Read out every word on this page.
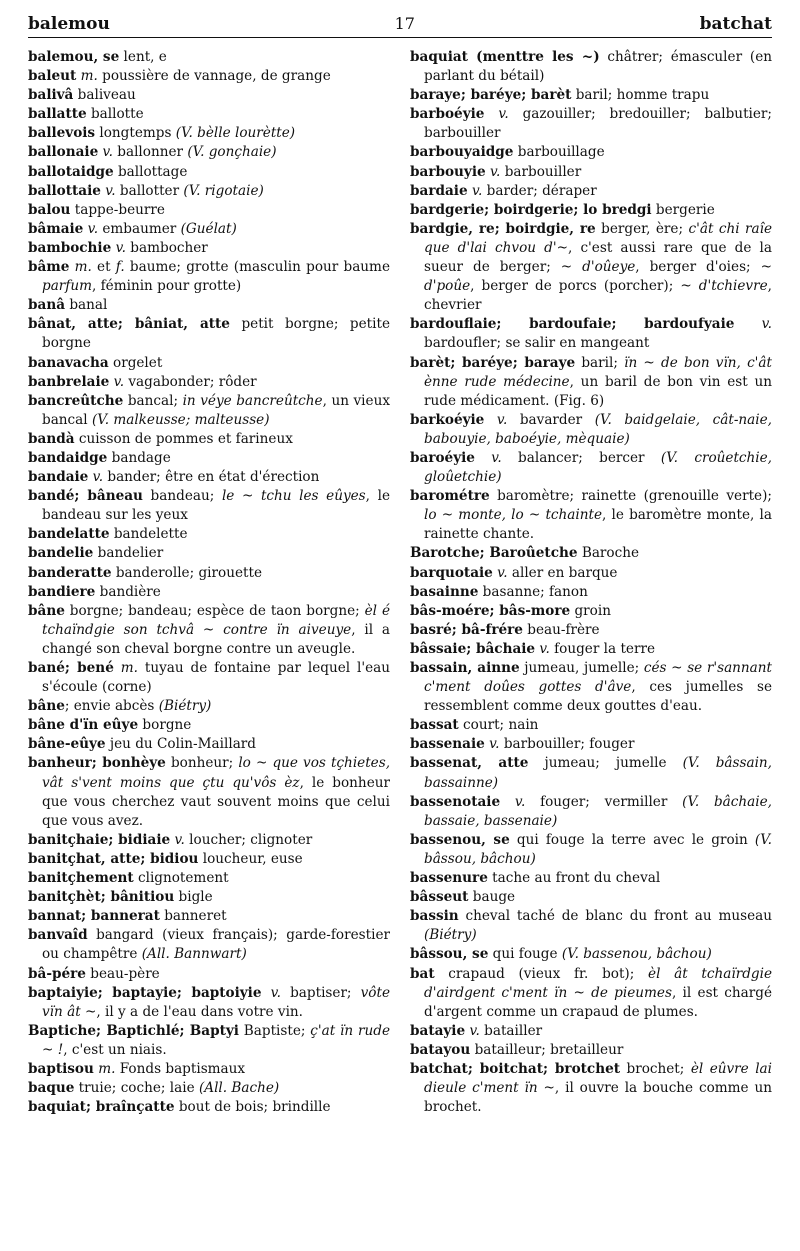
balemou	17	batchat
balemou, se lent, e
baleut m. poussière de vannage, de grange
balivâ baliveau
ballatte ballotte
ballevois longtemps (V. bèlle lourètte)
ballonaie v. ballonner (V. gonçhaie)
ballotaidge ballottage
ballottaie v. ballotter (V. rigotaie)
balou tappe-beurre
bâmaie v. embaumer (Guélat)
bambochie v. bambocher
bâme m. et f. baume; grotte (masculin pour baume parfum, féminin pour grotte)
banâ banal
bânat, atte; bâniat, atte petit borgne; petite borgne
banavacha orgelet
banbrelaie v. vagabonder; rôder
bancreûtche bancal; in véye bancreûtche, un vieux bancal (V. malkeusse; malteusse)
bandà cuisson de pommes et farineux
bandaidge bandage
bandaie v. bander; être en état d'érection
bandé; bâneau bandeau; le ~ tchu les eûyes, le bandeau sur les yeux
bandelatte bandelette
bandelie bandelier
banderatte banderolle; girouette
bandiere bandière
bâne borgne; bandeau; espèce de taon borgne; èl é tchaïndgie son tchvâ ~ contre ïn aiveuye, il a changé son cheval borgne contre un aveugle.
bané; bené m. tuyau de fontaine par lequel l'eau s'écoule (corne)
bâne; envie abcès (Biétry)
bâne d'ïn eûye borgne
bâne-eûye jeu du Colin-Maillard
banheur; bonhèye bonheur; lo ~ que vos tçhietes, vât s'vent moins que çtu qu'vôs èz, le bonheur que vous cherchez vaut souvent moins que celui que vous avez.
banitçhaie; bidiaie v. loucher; clignoter
banitçhat, atte; bidiou loucheur, euse
banitçhement clignotement
banitçhèt; bânitiou bigle
bannat; bannerat banneret
banvaîd bangard (vieux français); garde-forestier ou champêtre (All. Bannwart)
bâ-pére beau-père
baptaiyie; baptayie; baptoiyie v. baptiser; vôte vïn ât ~, il y a de l'eau dans votre vin.
Baptiche; Baptichlé; Baptyi Baptiste; ç'at ïn rude ~ !, c'est un niais.
baptisou m. Fonds baptismaux
baque truie; coche; laie (All. Bache)
baquiat; braînçatte bout de bois; brindille
baquiat (menttre les ~) châtrer; émasculer (en parlant du bétail)
baraye; baréye; barèt baril; homme trapu
barboéyie v. gazouiller; bredouiller; balbutier; barbouiller
barbouyaidge barbouillage
barbouyie v. barbouiller
bardaie v. barder; déraper
bardgerie; boirdgerie; lo bredgi bergerie
bardgie, re; boirdgie, re berger, ère; c'ât chi raîe que d'lai chvou d'~, c'est aussi rare que de la sueur de berger; ~ d'oûeye, berger d'oies; ~ d'poûe, berger de porcs (porcher); ~ d'tchievre, chevrier
bardouflaie; bardoufaie; bardoufyaie v. bardoufler; se salir en mangeant
barèt; baréye; baraye baril; ïn ~ de bon vïn, c'ât ènne rude médecine, un baril de bon vin est un rude médicament. (Fig. 6)
barkoéyie v. bavarder (V. baidgelaie, cât-naie, babouyie, baboéyie, mèquaie)
baroéyie v. balancer; bercer (V. croûetchie, gloûetchie)
barométre baromètre; rainette (grenouille verte); lo ~ monte, lo ~ tchainte, le baromètre monte, la rainette chante.
Barotche; Baroûetche Baroche
barquotaie v. aller en barque
basainne basanne; fanon
bâs-moére; bâs-more groin
basré; bâ-frére beau-frère
bâssaie; bâchaie v. fouger la terre
bassain, ainne jumeau, jumelle; cés ~ se r'sannant c'ment doûes gottes d'âve, ces jumelles se ressemblent comme deux gouttes d'eau.
bassat court; nain
bassenaie v. barbouiller; fouger
bassenat, atte jumeau; jumelle (V. bâssain, bassainne)
bassenotaie v. fouger; vermiller (V. bâchaie, bassaie, bassenaie)
bassenou, se qui fouge la terre avec le groin (V. bâssou, bâchou)
bassenure tache au front du cheval
bâsseut bauge
bassin cheval taché de blanc du front au museau (Biétry)
bâssou, se qui fouge (V. bassenou, bâchou)
bat crapaud (vieux fr. bot); èl ât tchaïrdgie d'airdgent c'ment ïn ~ de pieumes, il est chargé d'argent comme un crapaud de plumes.
batayie v. batailler
batayou batailleur; bretailleur
batchat; boitchat; brotchet brochet; èl eûvre lai dieule c'ment ïn ~, il ouvre la bouche comme un brochet.
